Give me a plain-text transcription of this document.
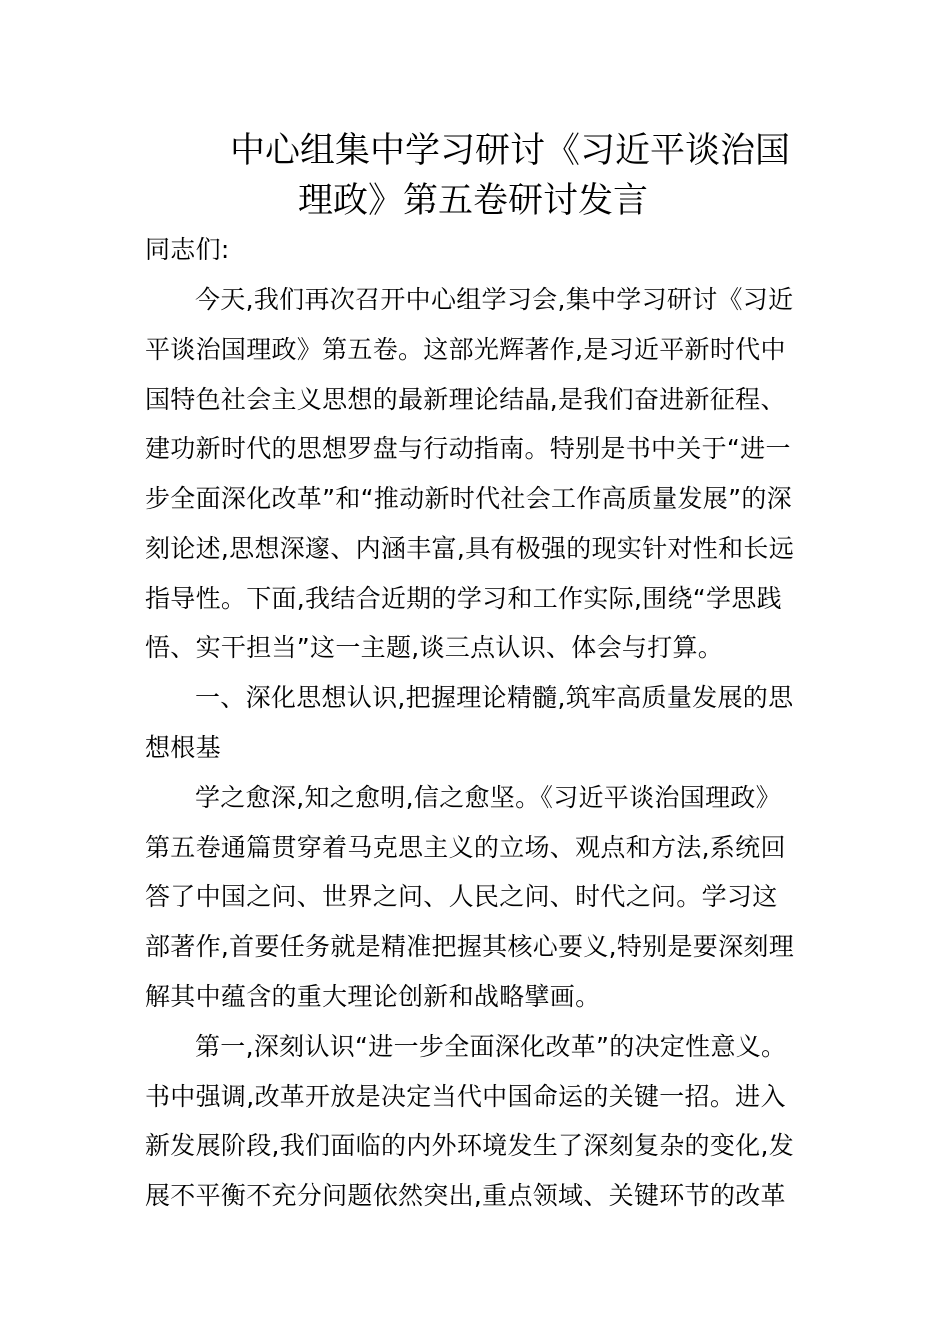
中心组集中学习研讨《习近平谈治国
理政》第五卷研讨发言
同志们:
今天,我们再次召开中心组学习会,集中学习研讨《习近
平谈治国理政》第五卷。这部光辉著作,是习近平新时代中
国特色社会主义思想的最新理论结晶,是我们奋进新征程、
建功新时代的思想罗盘与行动指南。特别是书中关于“进一
步全面深化改革”和“推动新时代社会工作高质量发展”的深
刻论述,思想深邃、内涵丰富,具有极强的现实针对性和长远
指导性。下面,我结合近期的学习和工作实际,围绕“学思践
悟、实干担当”这一主题,谈三点认识、体会与打算。
一、深化思想认识,把握理论精髓,筑牢高质量发展的思
想根基
学之愈深,知之愈明,信之愈坚。《习近平谈治国理政》
第五卷通篇贯穿着马克思主义的立场、观点和方法,系统回
答了中国之问、世界之问、人民之问、时代之问。学习这
部著作,首要任务就是精准把握其核心要义,特别是要深刻理
解其中蕴含的重大理论创新和战略擘画。
第一,深刻认识“进一步全面深化改革”的决定性意义。
书中强调,改革开放是决定当代中国命运的关键一招。进入
新发展阶段,我们面临的内外环境发生了深刻复杂的变化,发
展不平衡不充分问题依然突出,重点领域、关键环节的改革
